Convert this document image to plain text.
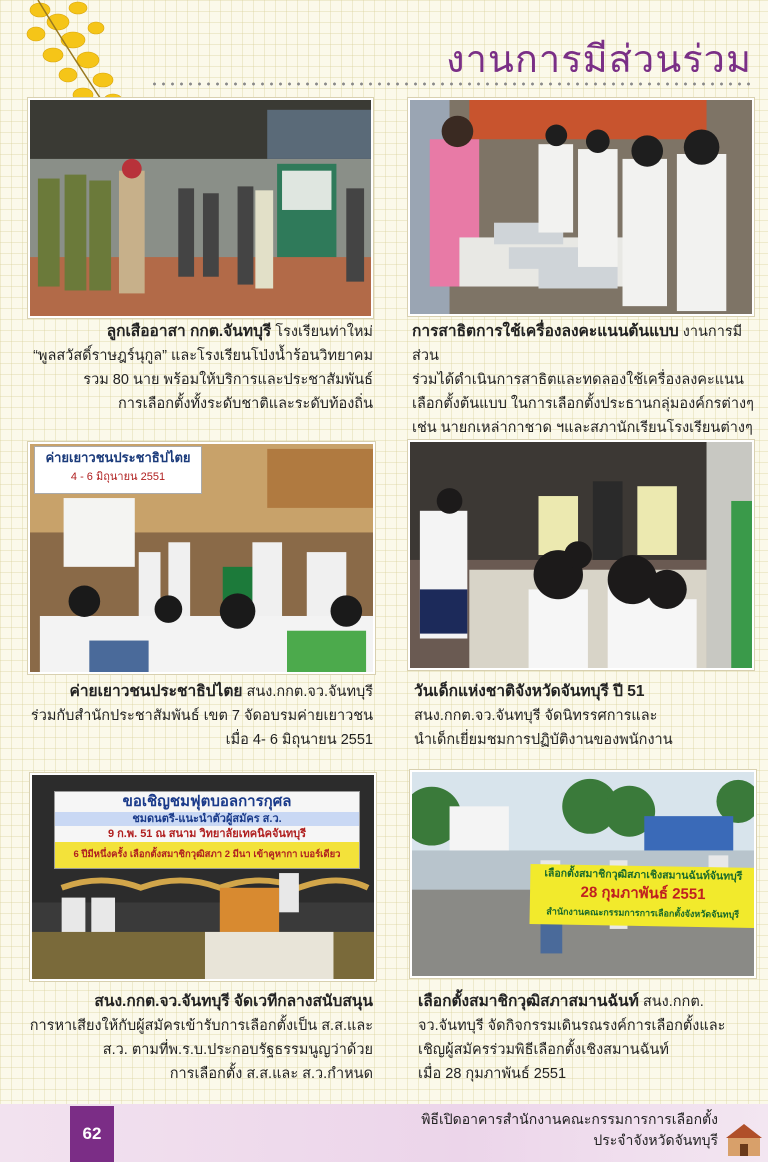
งานการมีส่วนร่วม
ลูกเสืออาสา กกต.จันทบุรี โรงเรียนท่าใหม่
“พูลสวัสดิ์ราษฎร์นุกูล” และโรงเรียนโป่งน้ำร้อนวิทยาคม
รวม 80 นาย พร้อมให้บริการและประชาสัมพันธ์
การเลือกตั้งทั้งระดับชาติและระดับท้องถิ่น
การสาธิตการใช้เครื่องลงคะแนนต้นแบบ งานการมีส่วน
ร่วมได้ดำเนินการสาธิตและทดลองใช้เครื่องลงคะแนน
เลือกตั้งต้นแบบ ในการเลือกตั้งประธานกลุ่มองค์กรต่างๆ
เช่น นายกเหล่ากาชาด ฯและสภานักเรียนโรงเรียนต่างๆ
ค่ายเยาวชนประชาธิปไตย
4 - 6 มิถุนายน 2551
ค่ายเยาวชนประชาธิปไตย สนง.กกต.จว.จันทบุรี
ร่วมกับสำนักประชาสัมพันธ์ เขต 7 จัดอบรมค่ายเยาวชน
เมื่อ 4- 6 มิถุนายน 2551
วันเด็กแห่งชาติจังหวัดจันทบุรี ปี 51
สนง.กกต.จว.จันทบุรี จัดนิทรรศการและ
นำเด็กเยี่ยมชมการปฏิบัติงานของพนักงาน
ขอเชิญชมฟุตบอลการกุศล
ชมดนตรี-แนะนำตัวผู้สมัคร ส.ว.
9 ก.พ. 51 ณ สนาม วิทยาลัยเทคนิคจันทบุรี
6 ปีมีหนึ่งครั้ง เลือกตั้งสมาชิกวุฒิสภา 2 มีนา เข้าคูหากา เบอร์เดียว
สนง.กกต.จว.จันทบุรี จัดเวทีกลางสนับสนุน
การหาเสียงให้กับผู้สมัครเข้ารับการเลือกตั้งเป็น ส.ส.และ
ส.ว. ตามที่พ.ร.บ.ประกอบรัฐธรรมนูญว่าด้วย
การเลือกตั้ง ส.ส.และ ส.ว.กำหนด
เลือกตั้งสมาชิกวุฒิสภาเชิงสมานฉันท์จันทบุรี
28 กุมภาพันธ์ 2551
สำนักงานคณะกรรมการการเลือกตั้งจังหวัดจันทบุรี
เลือกตั้งสมาชิกวุฒิสภาสมานฉันท์ สนง.กกต.
จว.จันทบุรี จัดกิจกรรมเดินรณรงค์การเลือกตั้งและ
เชิญผู้สมัครร่วมพิธีเลือกตั้งเชิงสมานฉันท์
เมื่อ 28 กุมภาพันธ์ 2551
62
พิธีเปิดอาคารสำนักงานคณะกรรมการการเลือกตั้ง
ประจำจังหวัดจันทบุรี
